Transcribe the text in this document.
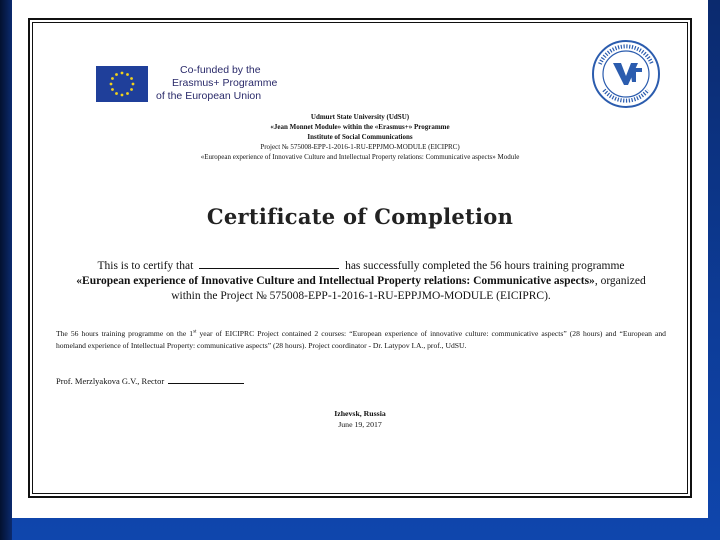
Co-funded by the
Erasmus+ Programme
of the European Union
Udmurt State University (UdSU)
«Jean Monnet Module» within the «Erasmus+» Programme
Institute of Social Communications
Project № 575008-EPP-1-2016-1-RU-EPPJMO-MODULE (EICIPRC)
«European experience of Innovative Culture and Intellectual Property relations: Communicative aspects» Module
Certificate of Completion
This is to certify that	has successfully completed the 56 hours training programme
«European experience of Innovative Culture and Intellectual Property relations: Communicative aspects», organized
within the Project № 575008-EPP-1-2016-1-RU-EPPJMO-MODULE (EICIPRC).
The 56 hours training programme on the 1st year of EICIPRC Project contained 2 courses: “European experience of innovative culture: communicative aspects” (28 hours) and “European and homeland experience of Intellectual Property: communicative aspects” (28 hours). Project coordinator - Dr. Latypov I.A., prof., UdSU.
Prof. Merzlyakova G.V., Rector
Izhevsk, Russia
June 19, 2017
